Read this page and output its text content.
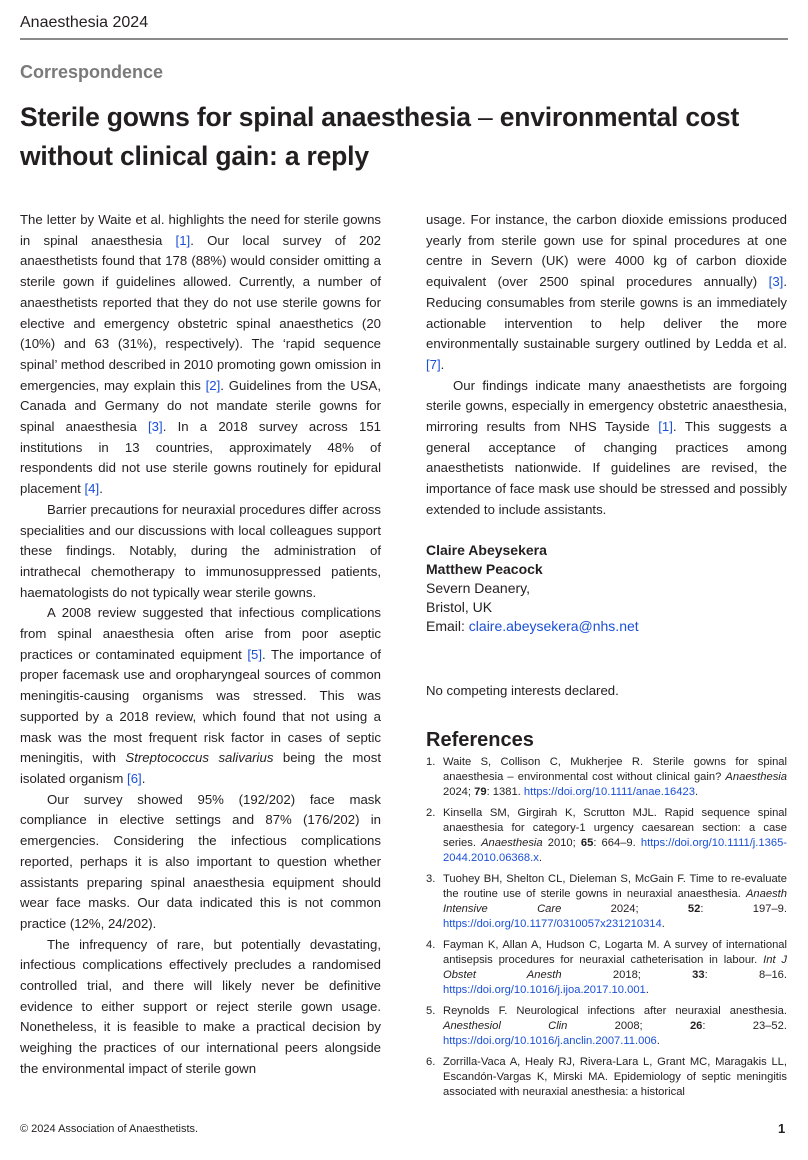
Anaesthesia 2024
Correspondence
Sterile gowns for spinal anaesthesia – environmental cost without clinical gain: a reply

The letter by Waite et al. highlights the need for sterile gowns in spinal anaesthesia [1]. Our local survey of 202 anaesthetists found that 178 (88%) would consider omitting a sterile gown if guidelines allowed. Currently, a number of anaesthetists reported that they do not use sterile gowns for elective and emergency obstetric spinal anaesthetics (20 (10%) and 63 (31%), respectively). The ‘rapid sequence spinal’ method described in 2010 promoting gown omission in emergencies, may explain this [2]. Guidelines from the USA, Canada and Germany do not mandate sterile gowns for spinal anaesthesia [3]. In a 2018 survey across 151 institutions in 13 countries, approximately 48% of respondents did not use sterile gowns routinely for epidural placement [4].

Barrier precautions for neuraxial procedures differ across specialities and our discussions with local colleagues support these findings. Notably, during the administration of intrathecal chemotherapy to immunosuppressed patients, haematologists do not typically wear sterile gowns.

A 2008 review suggested that infectious complications from spinal anaesthesia often arise from poor aseptic practices or contaminated equipment [5]. The importance of proper facemask use and oropharyngeal sources of common meningitis-causing organisms was stressed. This was supported by a 2018 review, which found that not using a mask was the most frequent risk factor in cases of septic meningitis, with Streptococcus salivarius being the most isolated organism [6].

Our survey showed 95% (192/202) face mask compliance in elective settings and 87% (176/202) in emergencies. Considering the infectious complications reported, perhaps it is also important to question whether assistants preparing spinal anaesthesia equipment should wear face masks. Our data indicated this is not common practice (12%, 24/202).

The infrequency of rare, but potentially devastating, infectious complications effectively precludes a randomised controlled trial, and there will likely never be definitive evidence to either support or reject sterile gown usage. Nonetheless, it is feasible to make a practical decision by weighing the practices of our international peers alongside the environmental impact of sterile gown

usage. For instance, the carbon dioxide emissions produced yearly from sterile gown use for spinal procedures at one centre in Severn (UK) were 4000 kg of carbon dioxide equivalent (over 2500 spinal procedures annually) [3]. Reducing consumables from sterile gowns is an immediately actionable intervention to help deliver the more environmentally sustainable surgery outlined by Ledda et al. [7].

Our findings indicate many anaesthetists are forgoing sterile gowns, especially in emergency obstetric anaesthesia, mirroring results from NHS Tayside [1]. This suggests a general acceptance of changing practices among anaesthetists nationwide. If guidelines are revised, the importance of face mask use should be stressed and possibly extended to include assistants.

Claire Abeysekera
Matthew Peacock
Severn Deanery,
Bristol, UK
Email: claire.abeysekera@nhs.net
No competing interests declared.
References
1. Waite S, Collison C, Mukherjee R. Sterile gowns for spinal anaesthesia – environmental cost without clinical gain? Anaesthesia 2024; 79: 1381. https://doi.org/10.1111/anae.16423.
2. Kinsella SM, Girgirah K, Scrutton MJL. Rapid sequence spinal anaesthesia for category-1 urgency caesarean section: a case series. Anaesthesia 2010; 65: 664–9. https://doi.org/10.1111/j.1365-2044.2010.06368.x.
3. Tuohey BH, Shelton CL, Dieleman S, McGain F. Time to re-evaluate the routine use of sterile gowns in neuraxial anaesthesia. Anaesth Intensive Care 2024; 52: 197–9. https://doi.org/10.1177/0310057x231210314.
4. Fayman K, Allan A, Hudson C, Logarta M. A survey of international antisepsis procedures for neuraxial catheterisation in labour. Int J Obstet Anesth 2018; 33: 8–16. https://doi.org/10.1016/j.ijoa.2017.10.001.
5. Reynolds F. Neurological infections after neuraxial anesthesia. Anesthesiol Clin 2008; 26: 23–52. https://doi.org/10.1016/j.anclin.2007.11.006.
6. Zorrilla-Vaca A, Healy RJ, Rivera-Lara L, Grant MC, Maragakis LL, Escandón-Vargas K, Mirski MA. Epidemiology of septic meningitis associated with neuraxial anesthesia: a historical
© 2024 Association of Anaesthetists.	1
